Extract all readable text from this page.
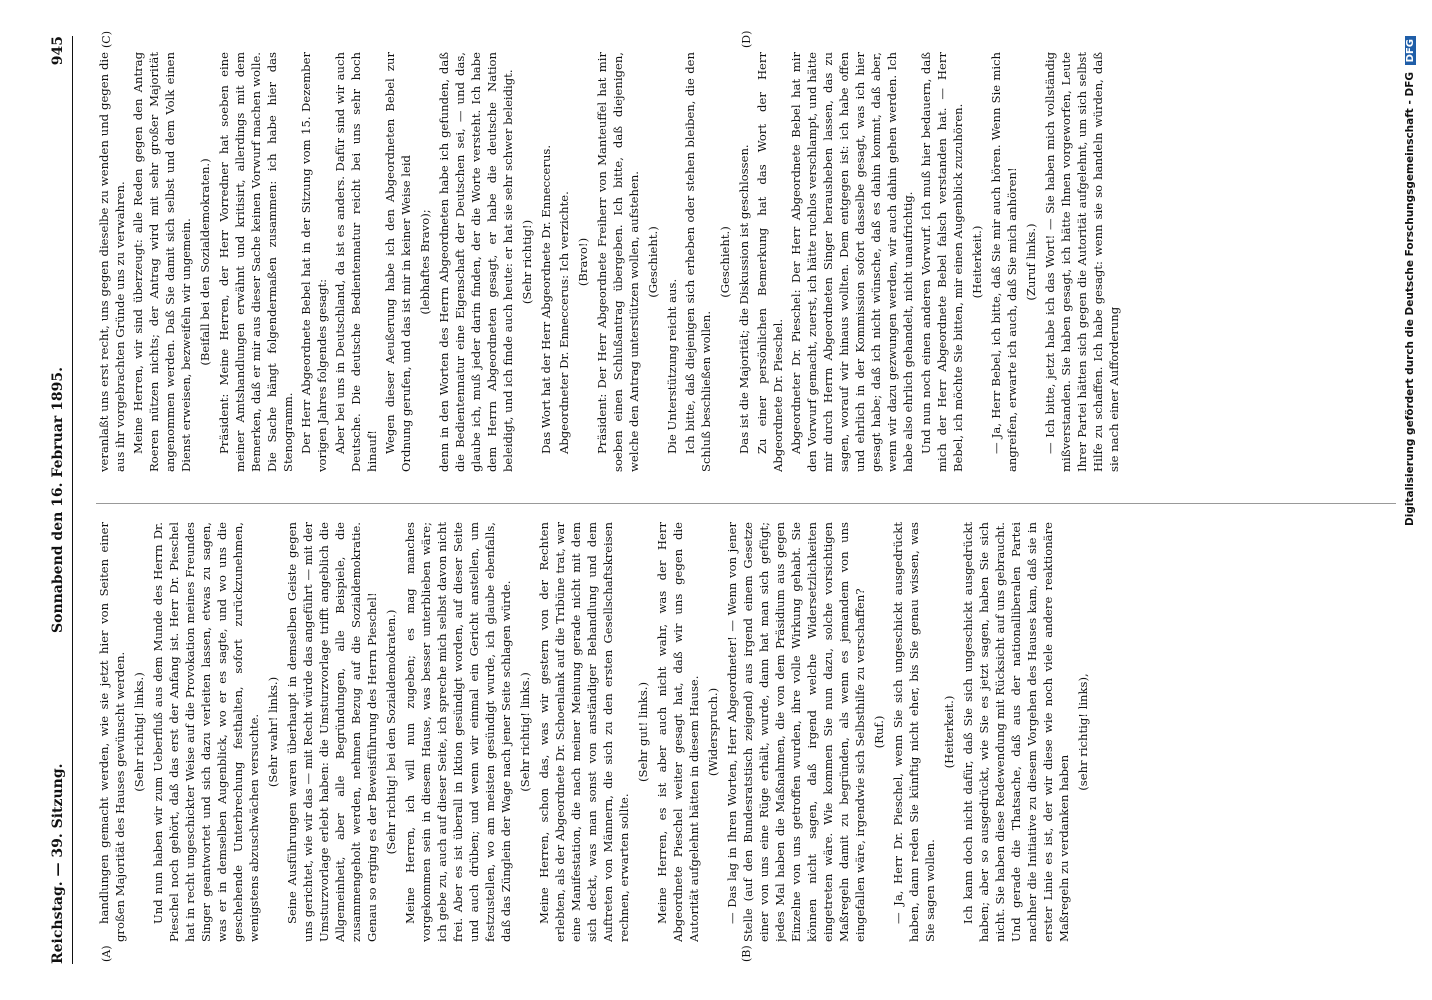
Reichstag. — 39. Sitzung.
Sonnabend den 16. Februar 1895.
945
(A)	(B)
(C)	(D)

handlungen gemacht werden, wie sie jetzt hier von Seiten einer großen Majorität des Hauses gewünscht werden. (Sehr richtig! links.) Und nun haben wir zum Ueberfluß aus dem Munde des Herrn Dr. Pieschel noch gehört, daß das erst der Anfang ist. Herr Dr. Pieschel hat in recht ungeschickter Weise auf die Provokation meines Freundes Singer geantwortet und sich dazu verleiten lassen, etwas zu sagen, was er in demselben Augenblick, wo er es sagte, und wo uns die geschehende Unterbrechung festhalten, sofort zurückzunehmen, wenigstens abzuschwächen versuchte. (Sehr wahr! links.) Seine Ausführungen waren überhaupt in demselben Geiste gegen uns gerichtet, wie wir das — mit Recht würde das angeführt — mit der Umsturzvorlage erlebt haben: die Umsturzvorlage trifft angeblich die Allgemeinheit, aber alle Begründungen, alle Beispiele, die zusammengeholt werden, nehmen Bezug auf die Sozialdemokratie. Genau so erging es der Beweisführung des Herrn Pieschel! (Sehr richtig! bei den Sozialdemokraten.) Meine Herren, ich will nun zugeben; es mag manches vorgekommen sein in diesem Hause, was besser unterblieben wäre; ich gebe zu, auch auf dieser Seite, ich spreche mich selbst davon nicht frei. Aber es ist überall in Iktion gesündigt worden, auf dieser Seite und auch drüben; und wenn wir einmal ein Gericht anstellen, um festzustellen, wo am meisten gesündigt wurde, ich glaube ebenfalls, daß das Zünglein der Wage nach jener Seite schlagen würde. (Sehr richtig! links.) Meine Herren, schon das, was wir gestern von der Rechten erlebten, als der Abgeordnete Dr. Schoenlank auf die Tribüne trat, war eine Manifestation, die nach meiner Meinung gerade nicht mit dem sich deckt, was man sonst von anständiger Behandlung und dem Auftreten von Männern, die sich zu den ersten Gesellschaftskreisen rechnen, erwarten sollte.

(Sehr gut! links.) Meine Herren, es ist aber auch nicht wahr, was der Herr Abgeordnete Pieschel weiter gesagt hat, daß wir uns gegen die Autorität aufgelehnt hätten in diesem Hause. (Widerspruch.) — Das lag in Ihren Worten, Herr Abgeordneter! — Wenn von jener Stelle (auf den Bundesratstisch zeigend) aus irgend einem Gesetze einer von uns eine Rüge erhält, wurde, dann hat man sich gefügt; jedes Mal haben die Maßnahmen, die von dem Präsidium aus gegen Einzelne von uns getroffen wurden, ihre volle Wirkung gehabt. Sie können nicht sagen, daß irgend welche Widersetzlichkeiten eingetreten wäre. Wie kommen Sie nun dazu, solche vorsichtigen Maßregeln damit zu begründen, als wenn es jemandem von uns eingefallen wäre, irgendwie sich Selbsthilfe zu verschaffen? (Ruf.) — Ja, Herr Dr. Pieschel, wenn Sie sich ungeschickt ausgedrückt haben, dann reden Sie künftig nicht eher, bis Sie genau wissen, was Sie sagen wollen.

(Heiterkeit.) Ich kann doch nicht dafür, daß Sie sich ungeschickt ausgedrückt haben; aber so ausgedrückt, wie Sie es jetzt sagen, haben Sie sich nicht. Sie haben diese Redewendung mit Rücksicht auf uns gebraucht. Und gerade die Thatsache, daß aus der nationalliberalen Partei nachher die Initiative zu diesem Vorgehen des Hauses kam, daß sie in erster Linie es ist, der wir diese wie noch viele andere reaktionäre Maßregeln zu verdanken haben

(sehr richtig! links),

veranlaßt uns erst recht, uns gegen dieselbe zu wenden und gegen die aus ihr vorgebrachten Gründe uns zu verwahren. Meine Herren, wir sind überzeugt: alle Reden gegen den Antrag Roeren nützen nichts; der Antrag wird mit sehr großer Majorität angenommen werden. Daß Sie damit sich selbst und dem Volk einen Dienst erweisen, bezweifeln wir ungemein. (Beifall bei den Sozialdemokraten.) Präsident: Meine Herren, der Herr Vorredner hat soeben eine meiner Amtshandlungen erwähnt und kritisirt, allerdings mit dem Bemerken, daß er mir aus dieser Sache keinen Vorwurf machen wolle. Die Sache hängt folgendermaßen zusammen: ich habe hier das Stenogramm. Der Herr Abgeordnete Bebel hat in der Sitzung vom 15. Dezember vorigen Jahres folgendes gesagt: Aber bei uns in Deutschland, da ist es anders. Dafür sind wir auch Deutsche. Die deutsche Bedientennatur reicht bei uns sehr hoch hinauf! Wegen dieser Aeußerung habe ich den Abgeordneten Bebel zur Ordnung gerufen, und das ist mir in keiner Weise leid (lebhaftes Bravo); denn in den Worten des Herrn Abgeordneten habe ich gefunden, daß die Bedientennatur eine Eigenschaft der Deutschen sei, — und das, glaube ich, muß jeder darin finden, der die Worte versteht. Ich habe dem Herrn Abgeordneten gesagt, er habe die deutsche Nation beleidigt, und ich finde auch heute: er hat sie sehr schwer beleidigt. (Sehr richtig!) Das Wort hat der Herr Abgeordnete Dr. Enneccerus. Abgeordneter Dr. Enneccerus: Ich verzichte. (Bravo!) Präsident: Der Herr Abgeordnete Freiherr von Manteuffel hat mir soeben einen Schlußantrag übergeben. Ich bitte, daß diejenigen, welche den Antrag unterstützen wollen, aufstehen. (Geschieht.)

Die Unterstützung reicht aus. Ich bitte, daß diejenigen sich erheben oder stehen bleiben, die den Schluß beschließen wollen.

(Geschieht.) Das ist die Majorität; die Diskussion ist geschlossen. Zu einer persönlichen Bemerkung hat das Wort der Herr Abgeordnete Dr. Pieschel. Abgeordneter Dr. Pieschel: Der Herr Abgeordnete Bebel hat mir den Vorwurf gemacht, zuerst, ich hätte ruchlos verschlampt, und hätte mir durch Herrn Abgeordneten Singer herausheben lassen, das zu sagen, worauf wir hinaus wollten. Dem entgegen ist: ich habe offen und ehrlich in der Kommission sofort dasselbe gesagt, was ich hier gesagt habe; daß ich nicht wünsche, daß es dahin kommt, daß aber, wenn wir dazu gezwungen werden, wir auch dahin gehen werden. Ich habe also ehrlich gehandelt, nicht unaufrichtig. Und nun noch einen anderen Vorwurf. Ich muß hier bedauern, daß mich der Herr Abgeordnete Bebel falsch verstanden hat. — Herr Bebel, ich möchte Sie bitten, mir einen Augenblick zuzuhören. (Heiterkeit.) — Ja, Herr Bebel, ich bitte, daß Sie mir auch hören. Wenn Sie mich angreifen, erwarte ich auch, daß Sie mich anhören! (Zuruf links.) — Ich bitte, jetzt habe ich das Wort! — Sie haben mich vollständig mißverstanden. Sie haben gesagt, ich hätte Ihnen vorgeworfen, Leute Ihrer Partei hätten sich gegen die Autorität aufgelehnt, um sich selbst Hilfe zu schaffen. Ich habe gesagt: wenn sie so handeln würden, daß sie nach einer Aufforderung	Digitalisierung gefördert durch die Deutsche Forschungsgemeinschaft - DFG DFG
